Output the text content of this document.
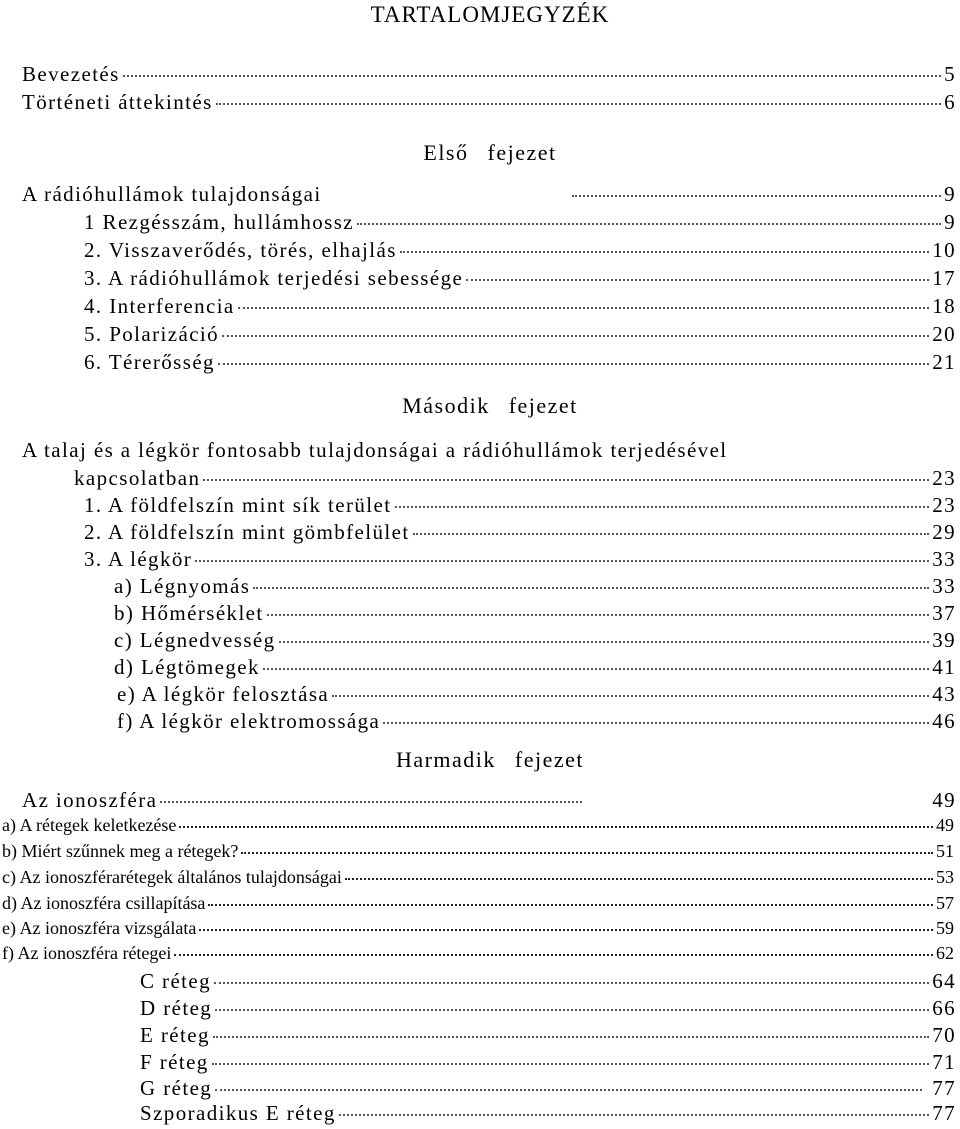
TARTALOMJEGYZÉK
Bevezetés	5
Történeti áttekintés	6
Első fejezet
A rádióhullámok tulajdonságai	9
1 Rezgésszám, hullámhossz	9
2. Visszaverődés, törés, elhajlás	10
3. A rádióhullámok terjedési sebessége	17
4. Interferencia	18
5. Polarizáció	20
6. Térerősség	21
Második fejezet
A talaj és a légkör fontosabb tulajdonságai a rádióhullámok terjedésével
kapcsolatban	23
1. A földfelszín mint sík terület	23
2. A földfelszín mint gömbfelület	29
3. A légkör	33
a) Légnyomás	33
b) Hőmérséklet	37
c) Légnedvesség	39
d) Légtömegek	41
e) A légkör felosztása	43
f) A légkör elektromossága	46
Harmadik fejezet
Az ionoszféra	49
a) A rétegek keletkezése	49
b) Miért szűnnek meg a rétegek?	51
c) Az ionoszférarétegek általános tulajdonságai	53
d) Az ionoszféra csillapítása	57
e) Az ionoszféra vizsgálata	59
f) Az ionoszféra rétegei	62
C réteg	64
D réteg	66
E réteg	70
F réteg	71
G réteg	77
Szporadikus E réteg	77
